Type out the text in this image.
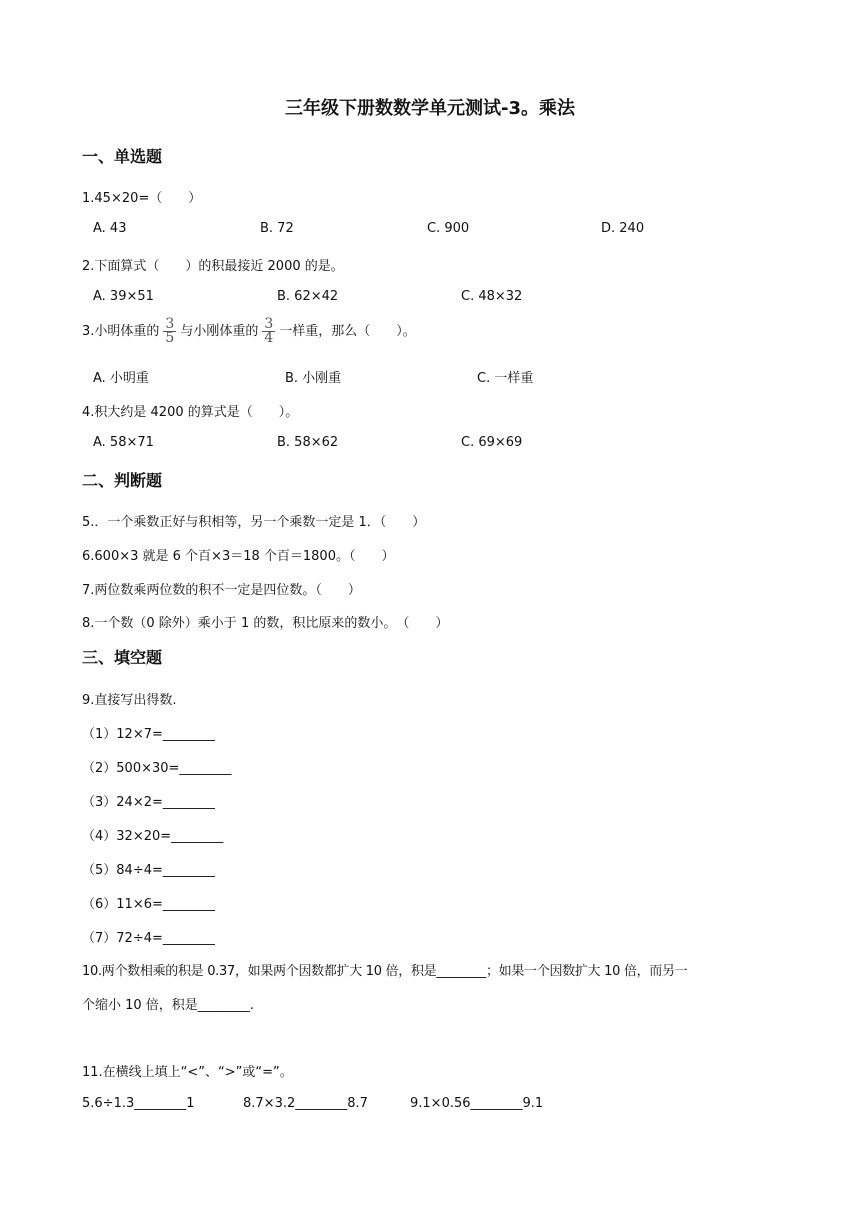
三年级下册数数学单元测试-3。乘法
一、单选题
1.45×20=（　　）
A. 43	B. 72	C. 900	D. 240
2.下面算式（　　）的积最接近 2000 的是。
A. 39×51	B. 62×42	C. 48×32
3.小明体重的 $\frac{3}{5}$ 与小刚体重的 $\frac{3}{4}$ 一样重，那么（　　）。
A. 小明重	B. 小刚重	C. 一样重
4.积大约是 4200 的算式是（　　）。
A. 58×71	B. 58×62	C. 69×69
二、判断题
5.．一个乘数正好与积相等，另一个乘数一定是 1．（　　）
6.600×3 就是 6 个百×3＝18 个百＝1800。（　　）
7.两位数乘两位数的积不一定是四位数。（　　）
8.一个数（0 除外）乘小于 1 的数，积比原来的数小。　（　　）
三、填空题
9.直接写出得数.
（1）12×7=________
（2）500×30=________
（3）24×2=________
（4）32×20=________
（5）84÷4=________
（6）11×6=________
（7）72÷4=________
10.两个数相乘的积是 0.37，如果两个因数都扩大 10 倍，积是________；如果一个因数扩大 10 倍，而另一
个缩小 10 倍，积是________.
11.在横线上填上“<”、“>”或“=”。
5.6÷1.3________1	8.7×3.2________8.7	9.1×0.56________9.1
